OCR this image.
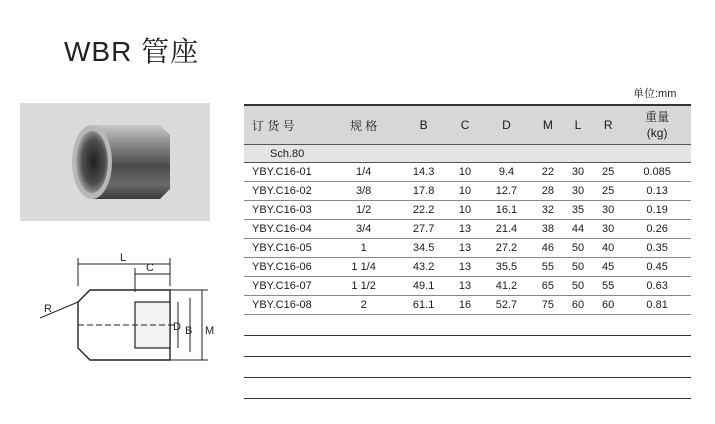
WBR 管座
L
C
R
D B M
单位:mm
订 货 号	规 格	B	C	D	M	L	R	重量
(kg)

Sch.80								
YBY.C16-01	1/4	14.3	10	9.4	22	30	25	0.085
YBY.C16-02	3/8	17.8	10	12.7	28	30	25	0.13
YBY.C16-03	1/2	22.2	10	16.1	32	35	30	0.19
YBY.C16-04	3/4	27.7	13	21.4	38	44	30	0.26
YBY.C16-05	1	34.5	13	27.2	46	50	40	0.35
YBY.C16-06	1 1/4	43.2	13	35.5	55	50	45	0.45
YBY.C16-07	1 1/2	49.1	13	41.2	65	50	55	0.63
YBY.C16-08	2	61.1	16	52.7	75	60	60	0.81
